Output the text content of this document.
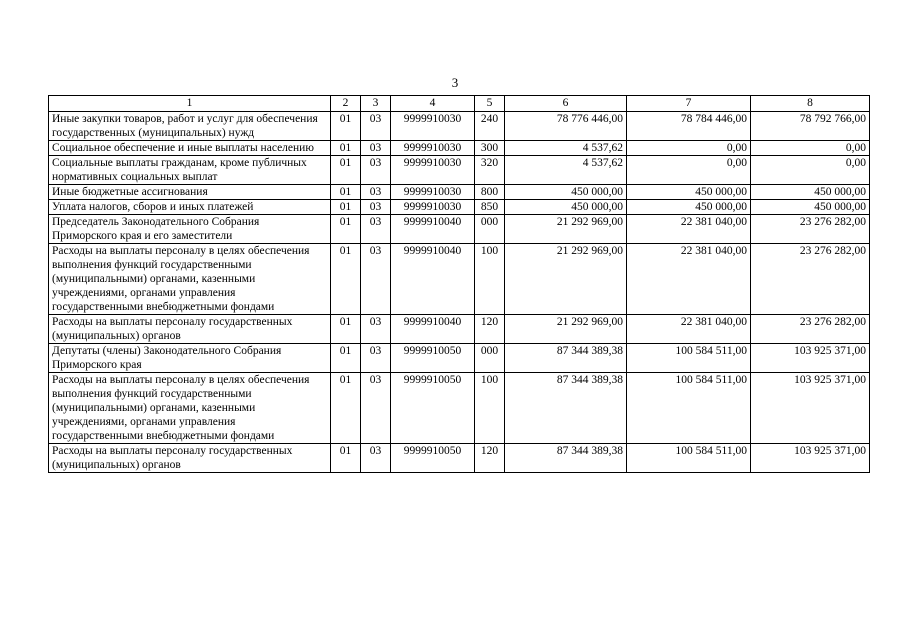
3
1	2	3	4	5	6	7	8
Иные закупки товаров, работ и услуг для обеспечения государственных (муниципальных) нужд	01	03	9999910030	240	78 776 446,00	78 784 446,00	78 792 766,00
Социальное обеспечение и иные выплаты населению	01	03	9999910030	300	4 537,62	0,00	0,00
Социальные выплаты гражданам, кроме публичных нормативных социальных выплат	01	03	9999910030	320	4 537,62	0,00	0,00
Иные бюджетные ассигнования	01	03	9999910030	800	450 000,00	450 000,00	450 000,00
Уплата налогов, сборов и иных платежей	01	03	9999910030	850	450 000,00	450 000,00	450 000,00
Председатель Законодательного Собрания Приморского края и его заместители	01	03	9999910040	000	21 292 969,00	22 381 040,00	23 276 282,00
Расходы на выплаты персоналу в целях обеспечения выполнения функций государственными (муниципальными) органами, казенными учреждениями, органами управления государственными внебюджетными фондами	01	03	9999910040	100	21 292 969,00	22 381 040,00	23 276 282,00
Расходы на выплаты персоналу государственных (муниципальных) органов	01	03	9999910040	120	21 292 969,00	22 381 040,00	23 276 282,00
Депутаты (члены) Законодательного Собрания Приморского края	01	03	9999910050	000	87 344 389,38	100 584 511,00	103 925 371,00
Расходы на выплаты персоналу в целях обеспечения выполнения функций государственными (муниципальными) органами, казенными учреждениями, органами управления государственными внебюджетными фондами	01	03	9999910050	100	87 344 389,38	100 584 511,00	103 925 371,00
Расходы на выплаты персоналу государственных (муниципальных) органов	01	03	9999910050	120	87 344 389,38	100 584 511,00	103 925 371,00
